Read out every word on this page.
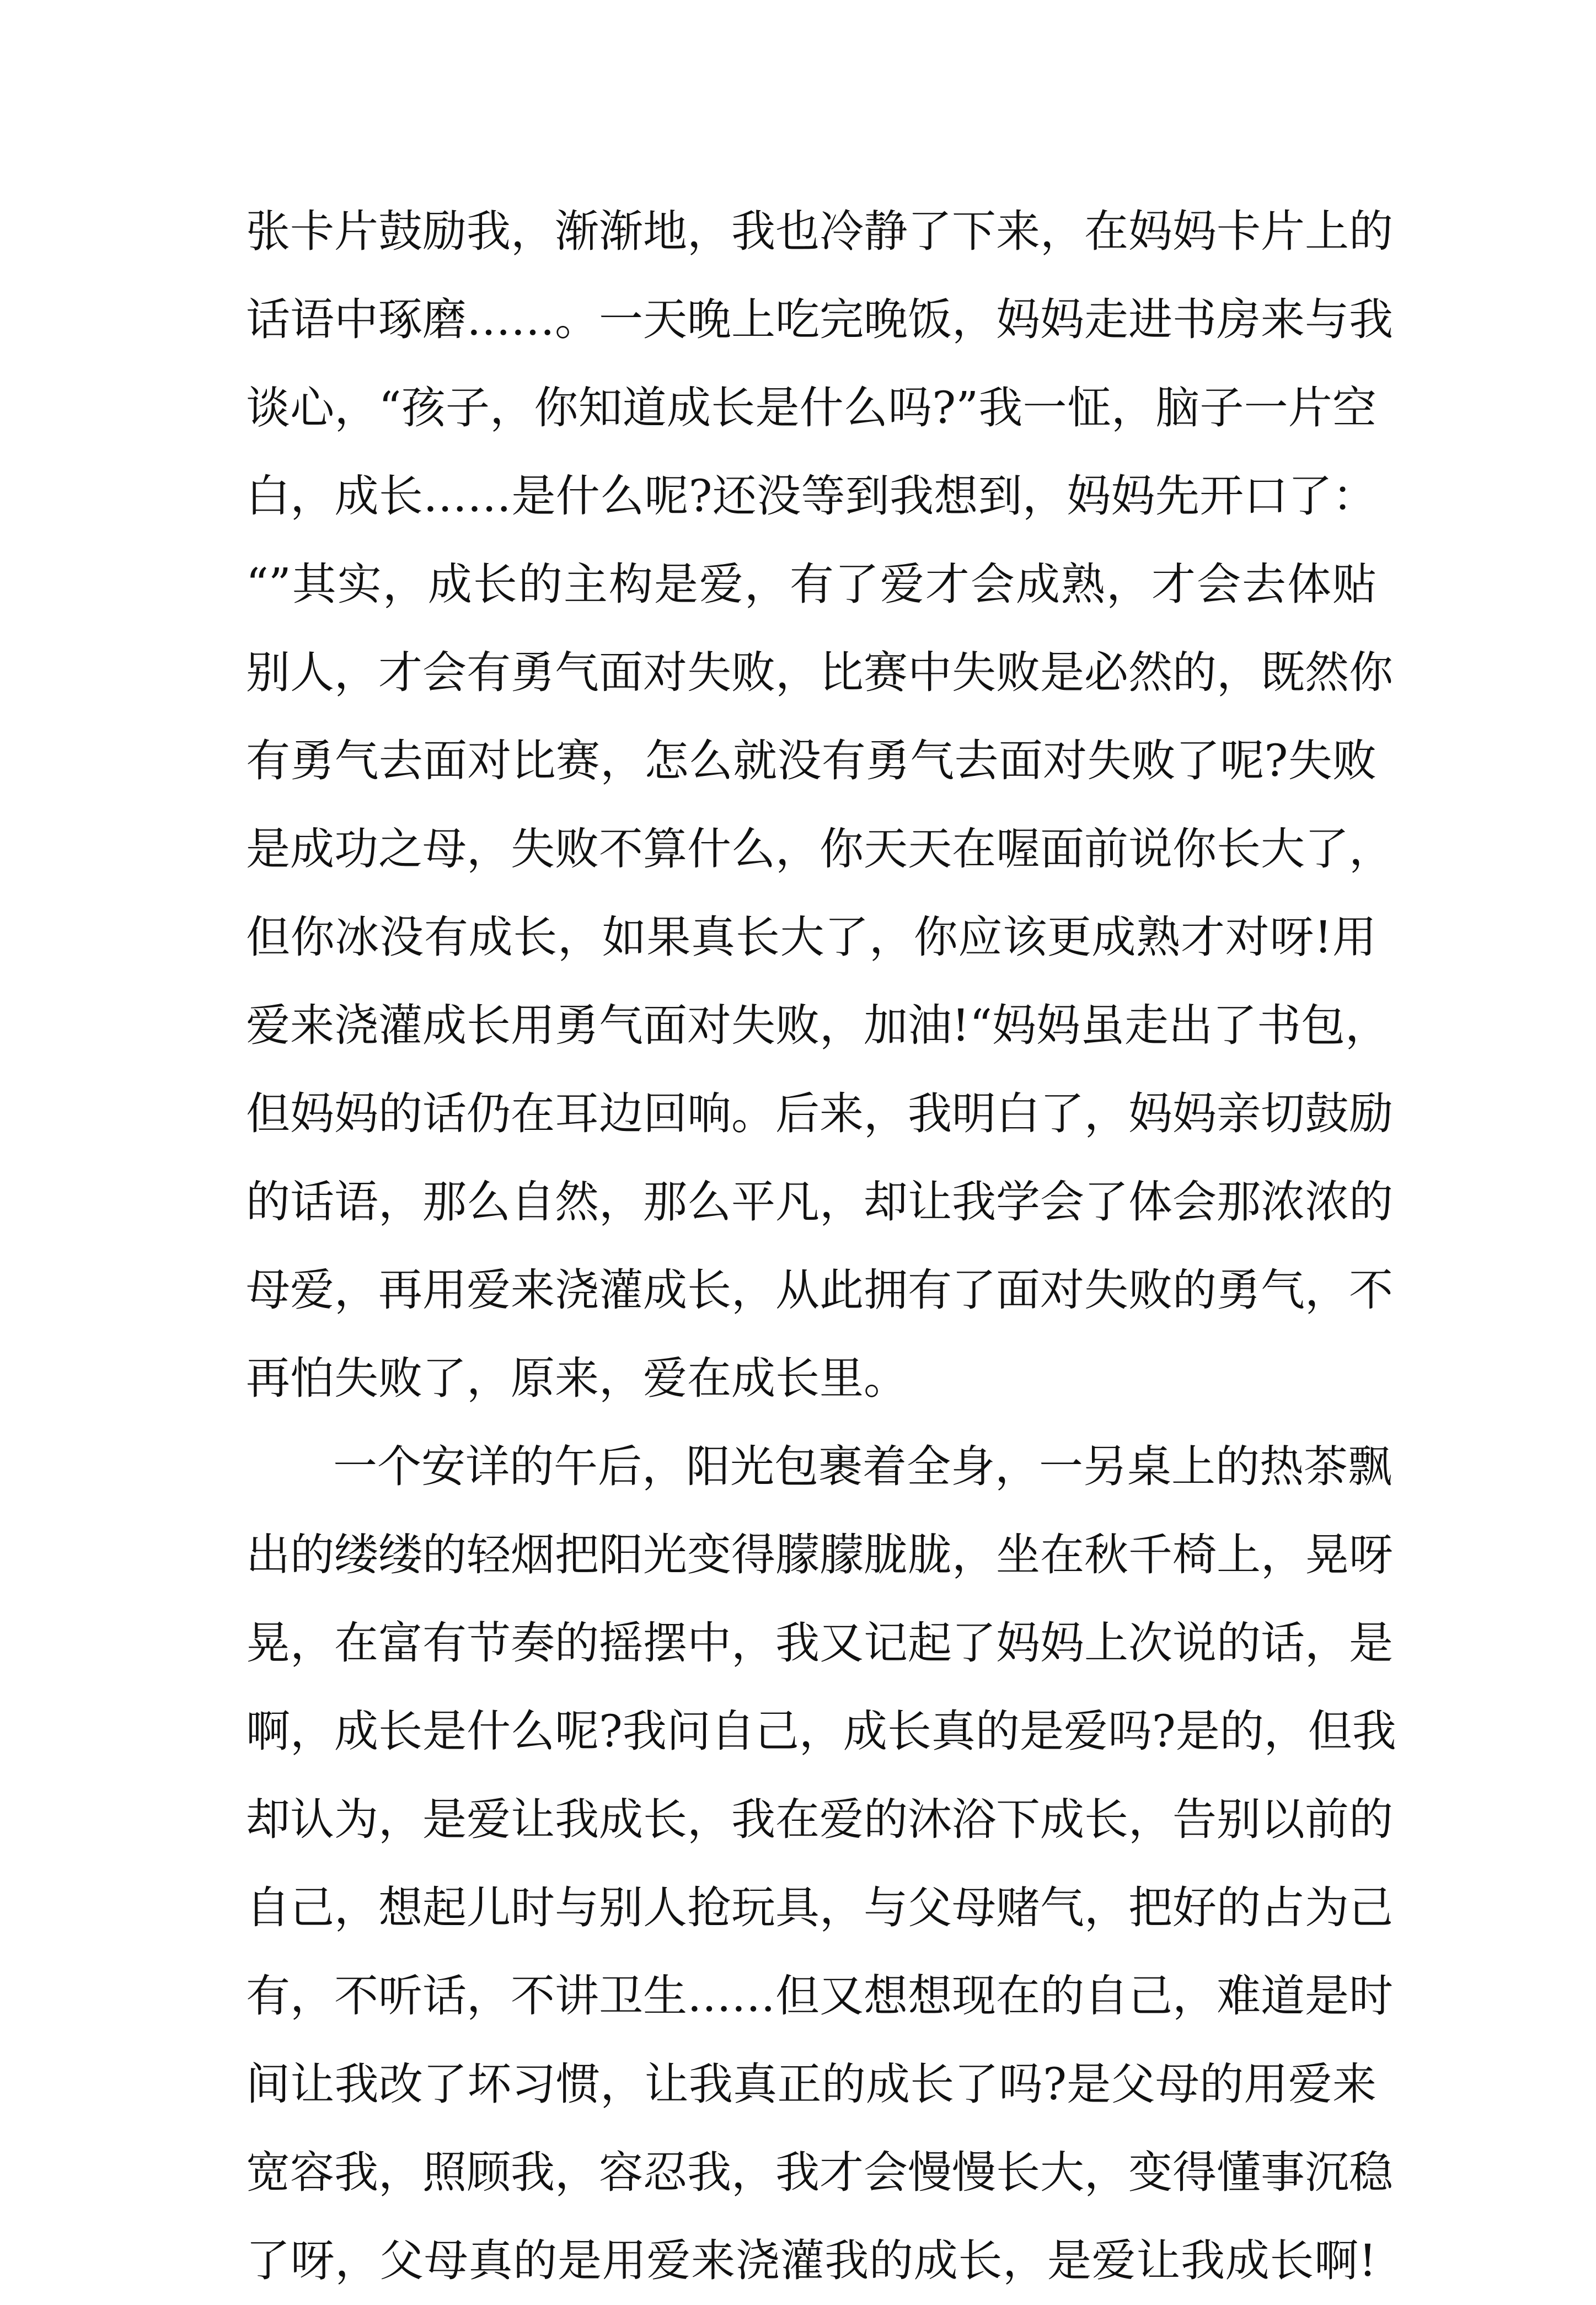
张卡片鼓励我，渐渐地，我也冷静了下来，在妈妈卡片上的
话语中琢磨……。一天晚上吃完晚饭，妈妈走进书房来与我
谈心，“孩子，你知道成长是什么吗?”我一怔，脑子一片空
白，成长……是什么呢?还没等到我想到，妈妈先开口了：
“”其实，成长的主构是爱，有了爱才会成熟，才会去体贴
别人，才会有勇气面对失败，比赛中失败是必然的，既然你
有勇气去面对比赛，怎么就没有勇气去面对失败了呢?失败
是成功之母，失败不算什么，你天天在喔面前说你长大了，
但你冰没有成长，如果真长大了，你应该更成熟才对呀!用
爱来浇灌成长用勇气面对失败，加油!“妈妈虽走出了书包，
但妈妈的话仍在耳边回响。后来，我明白了，妈妈亲切鼓励
的话语，那么自然，那么平凡，却让我学会了体会那浓浓的
母爱，再用爱来浇灌成长，从此拥有了面对失败的勇气，不
再怕失败了，原来，爱在成长里。
一个安详的午后，阳光包裹着全身，一另桌上的热茶飘
出的缕缕的轻烟把阳光变得朦朦胧胧，坐在秋千椅上，晃呀
晃，在富有节奏的摇摆中，我又记起了妈妈上次说的话，是
啊，成长是什么呢?我问自己，成长真的是爱吗?是的，但我
却认为，是爱让我成长，我在爱的沐浴下成长，告别以前的
自己，想起儿时与别人抢玩具，与父母赌气，把好的占为己
有，不听话，不讲卫生……但又想想现在的自己，难道是时
间让我改了坏习惯，让我真正的成长了吗?是父母的用爱来
宽容我，照顾我，容忍我，我才会慢慢长大，变得懂事沉稳
了呀，父母真的是用爱来浇灌我的成长，是爱让我成长啊!
